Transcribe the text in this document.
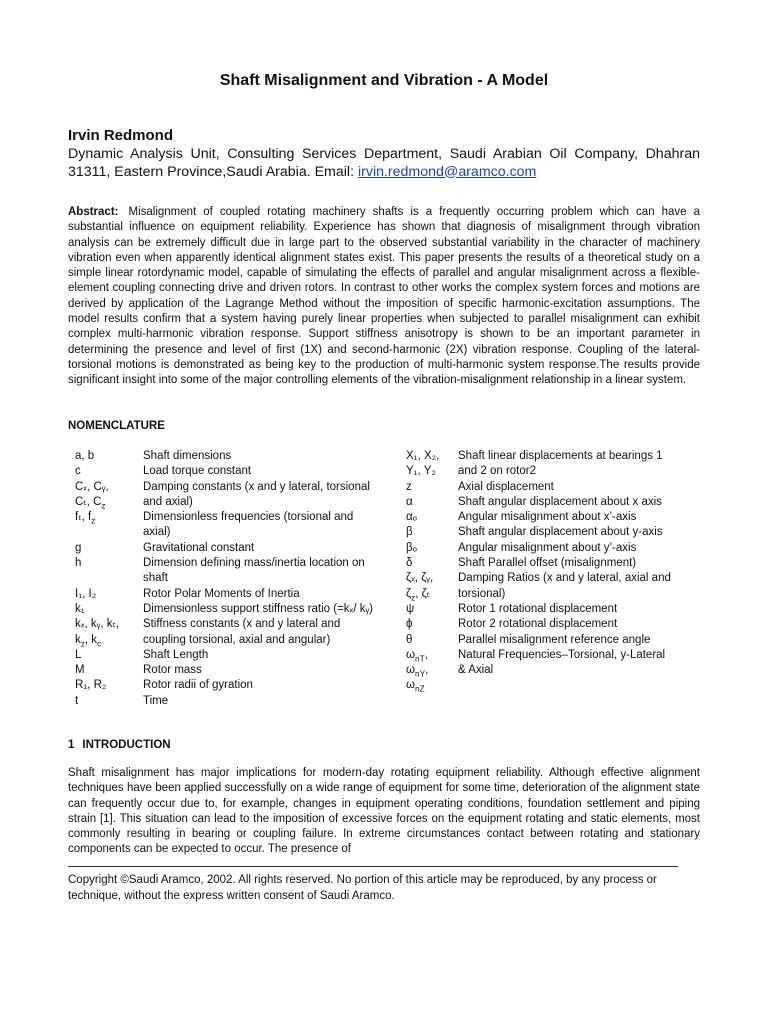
Shaft Misalignment and Vibration - A Model
Irvin Redmond
Dynamic Analysis Unit, Consulting Services Department, Saudi Arabian Oil Company, Dhahran 31311, Eastern Province,Saudi Arabia. Email: irvin.redmond@aramco.com
Abstract: Misalignment of coupled rotating machinery shafts is a frequently occurring problem which can have a substantial influence on equipment reliability. Experience has shown that diagnosis of misalignment through vibration analysis can be extremely difficult due in large part to the observed substantial variability in the character of machinery vibration even when apparently identical alignment states exist. This paper presents the results of a theoretical study on a simple linear rotordynamic model, capable of simulating the effects of parallel and angular misalignment across a flexible-element coupling connecting drive and driven rotors. In contrast to other works the complex system forces and motions are derived by application of the Lagrange Method without the imposition of specific harmonic-excitation assumptions. The model results confirm that a system having purely linear properties when subjected to parallel misalignment can exhibit complex multi-harmonic vibration response. Support stiffness anisotropy is shown to be an important parameter in determining the presence and level of first (1X) and second-harmonic (2X) vibration response. Coupling of the lateral-torsional motions is demonstrated as being key to the production of multi-harmonic system response.The results provide significant insight into some of the major controlling elements of the vibration-misalignment relationship in a linear system.
NOMENCLATURE
a, b	Shaft dimensions
c	Load torque constant
Cₓ, Cᵧ,	Damping constants (x and y lateral, torsional
Cₜ, $C_z$	and axial)
fₜ, $f_z$	Dimensionless frequencies (torsional and
axial)
g	Gravitational constant
h	Dimension defining mass/inertia location on
shaft
I₁, I₂	Rotor Polar Moments of Inertia
k₁	Dimensionless support stiffness ratio (=kₓ/ kᵧ)
kₓ, kᵧ, kₜ,	Stiffness constants (x and y lateral and
$k_z$, $k_c$	coupling torsional, axial and angular)
L	Shaft Length
M	Rotor mass
R₁, R₂	Rotor radii of gyration
t	Time
X₁, X₂,	Shaft linear displacements at bearings 1
Y₁, Y₂	and 2 on rotor2
z	Axial displacement
α	Shaft angular displacement about x axis
αₒ	Angular misalignment about x’-axis
β	Shaft angular displacement about y-axis
βₒ	Angular misalignment about y’-axis
δ	Shaft Parallel offset (misalignment)
ζₓ, ζᵧ,	Damping Ratios (x and y lateral, axial and
$\zeta_z$, ζₜ	torsional)
ψ	Rotor 1 rotational displacement
ϕ	Rotor 2 rotational displacement
θ	Parallel misalignment reference angle
$\omega_{nT}$,	Natural Frequencies–Torsional, y-Lateral
$\omega_{nY}$,	& Axial
$\omega_{nZ}$
1 INTRODUCTION
Shaft misalignment has major implications for modern-day rotating equipment reliability. Although effective alignment techniques have been applied successfully on a wide range of equipment for some time, deterioration of the alignment state can frequently occur due to, for example, changes in equipment operating conditions, foundation settlement and piping strain [1]. This situation can lead to the imposition of excessive forces on the equipment rotating and static elements, most commonly resulting in bearing or coupling failure. In extreme circumstances contact between rotating and stationary components can be expected to occur. The presence of
Copyright ©Saudi Aramco, 2002. All rights reserved. No portion of this article may be reproduced, by any process or technique, without the express written consent of Saudi Aramco.
